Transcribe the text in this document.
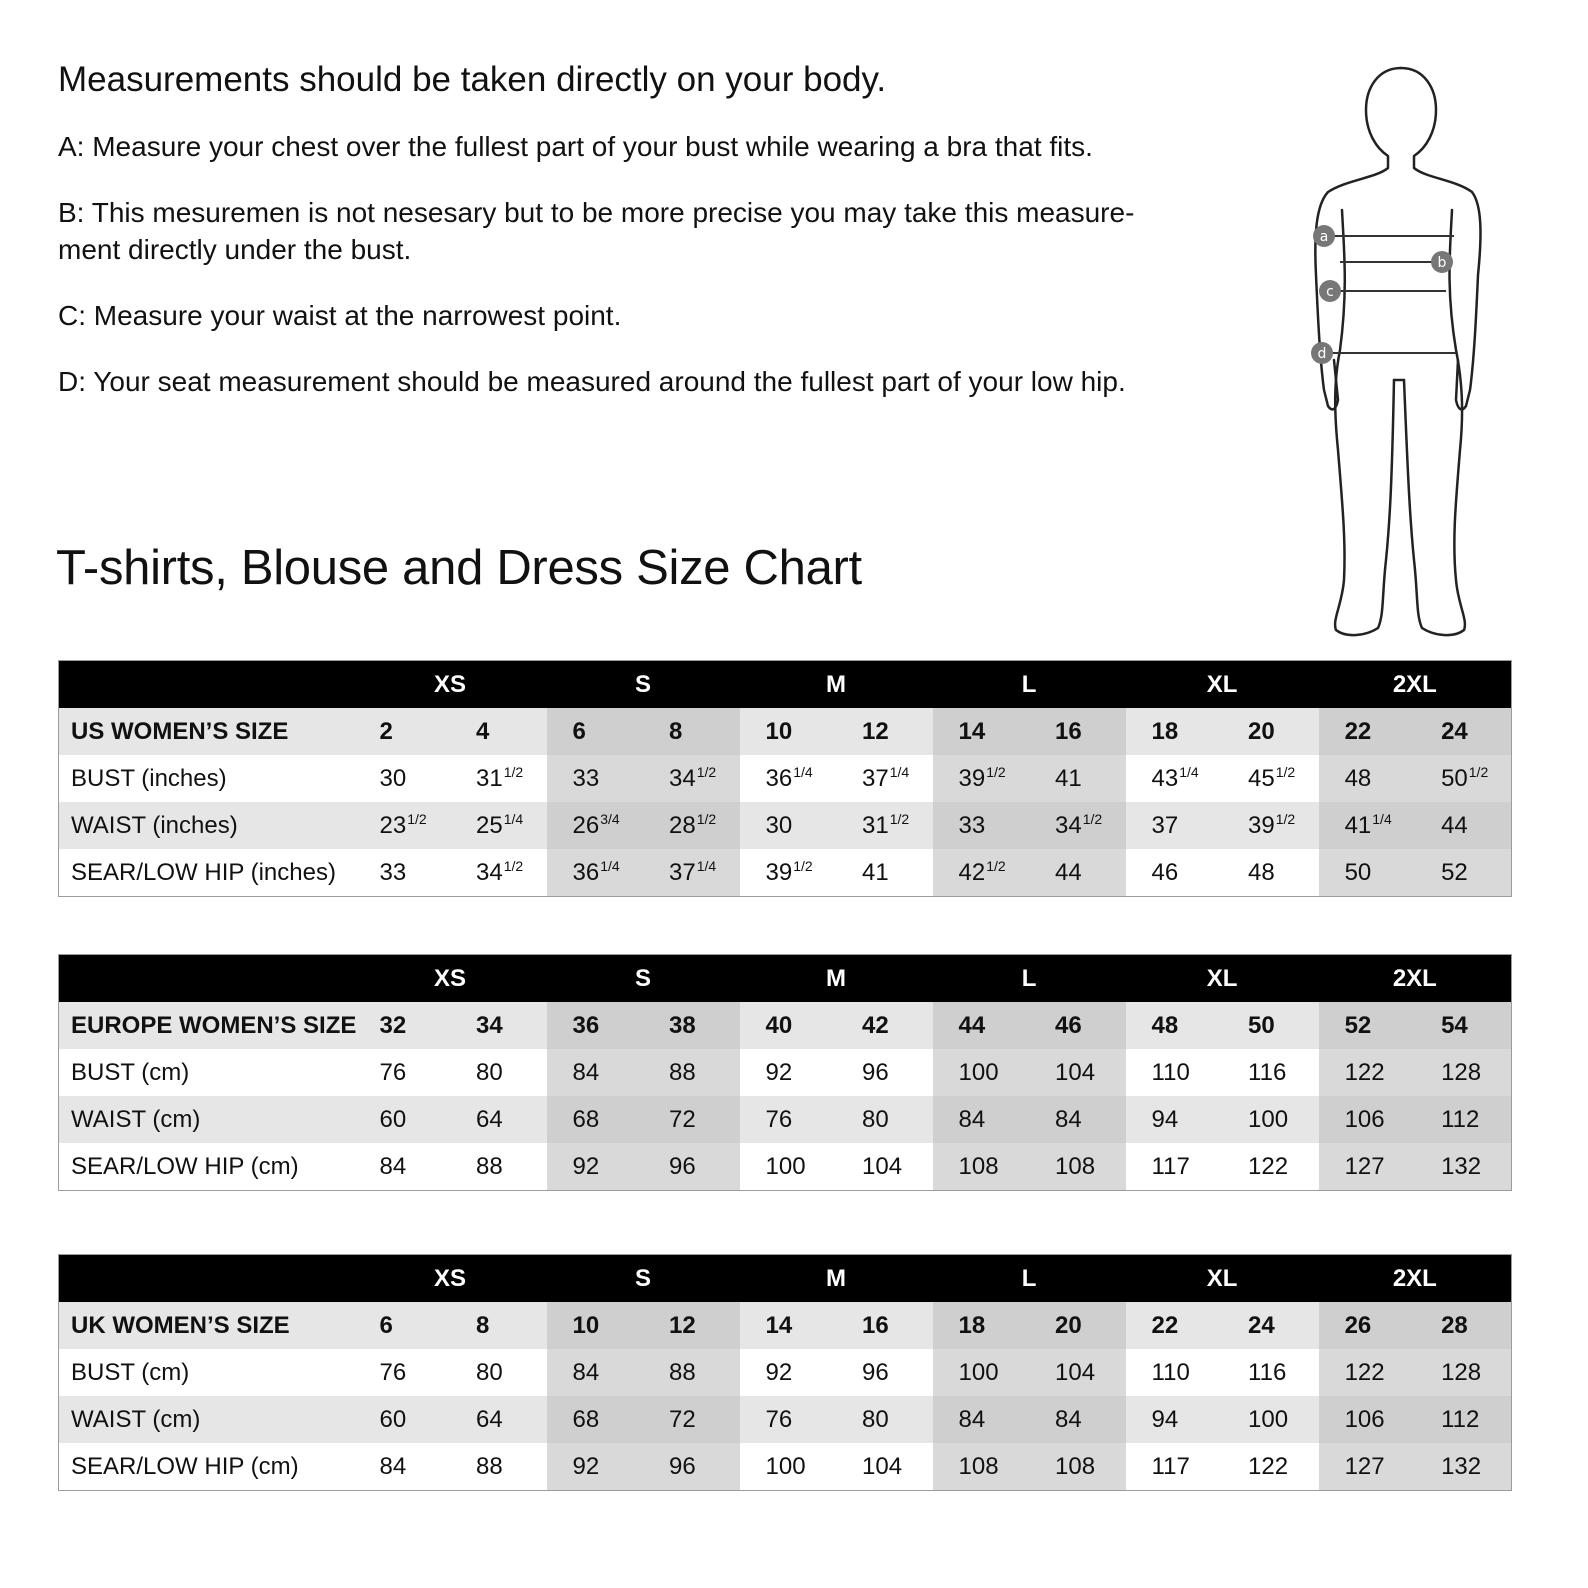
Measurements should be taken directly on your body.

A: Measure your chest over the fullest part of your bust while wearing a bra that fits.

B: This mesuremen is not nesesary but to be more precise you may take this measure-
ment directly under the bust.

C: Measure your waist at the narrowest point.

D: Your seat measurement should be measured around the fullest part of your low hip.

a
b
c
d
T-shirts, Blouse and Dress Size Chart
	XS		S		M		L		XL		2XL	
US WOMEN’S SIZE	2	4	6	8	10	12	14	16	18	20	22	24
BUST (inches)	30	$31^{1/2}$	33	$34^{1/2}$	$36^{1/4}$	$37^{1/4}$	$39^{1/2}$	41	$43^{1/4}$	$45^{1/2}$	48	$50^{1/2}$
WAIST (inches)	$23^{1/2}$	$25^{1/4}$	$26^{3/4}$	$28^{1/2}$	30	$31^{1/2}$	33	$34^{1/2}$	37	$39^{1/2}$	$41^{1/4}$	44
SEAR/LOW HIP (inches)	33	$34^{1/2}$	$36^{1/4}$	$37^{1/4}$	$39^{1/2}$	41	$42^{1/2}$	44	46	48	50	52
	XS		S		M		L		XL		2XL	
EUROPE WOMEN’S SIZE	32	34	36	38	40	42	44	46	48	50	52	54
BUST (cm)	76	80	84	88	92	96	100	104	110	116	122	128
WAIST (cm)	60	64	68	72	76	80	84	84	94	100	106	112
SEAR/LOW HIP (cm)	84	88	92	96	100	104	108	108	117	122	127	132
	XS		S		M		L		XL		2XL	
UK WOMEN’S SIZE	6	8	10	12	14	16	18	20	22	24	26	28
BUST (cm)	76	80	84	88	92	96	100	104	110	116	122	128
WAIST (cm)	60	64	68	72	76	80	84	84	94	100	106	112
SEAR/LOW HIP (cm)	84	88	92	96	100	104	108	108	117	122	127	132
